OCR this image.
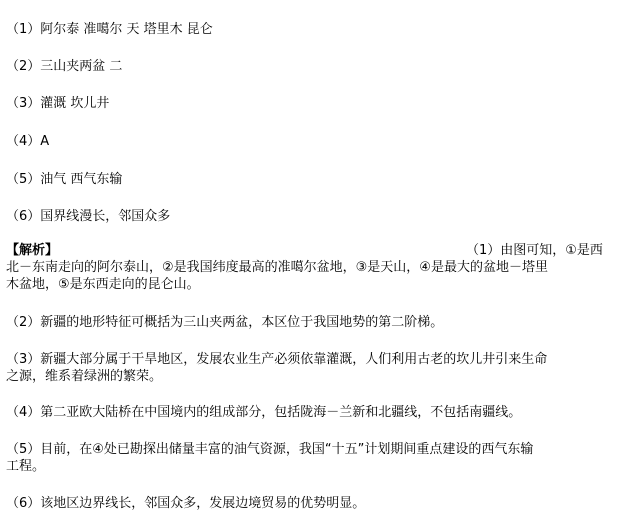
（1）阿尔泰 准噶尔 天 塔里木 昆仑
（2）三山夹两盆 二
（3）灌溉 坎儿井
（4）A
（5）油气 西气东输
（6）国界线漫长，邻国众多
【解析】	（1）由图可知，①是西
北－东南走向的阿尔泰山，②是我国纬度最高的准噶尔盆地，③是天山，④是最大的盆地－塔里
木盆地，⑤是东西走向的昆仑山。
（2）新疆的地形特征可概括为三山夹两盆，本区位于我国地势的第二阶梯。
（3）新疆大部分属于干旱地区，发展农业生产必须依靠灌溉，人们利用古老的坎儿井引来生命
之源，维系着绿洲的繁荣。
（4）第二亚欧大陆桥在中国境内的组成部分，包括陇海－兰新和北疆线，不包括南疆线。
（5）目前，在④处已勘探出储量丰富的油气资源，我国“十五”计划期间重点建设的西气东输
工程。
（6）该地区边界线长，邻国众多，发展边境贸易的优势明显。
